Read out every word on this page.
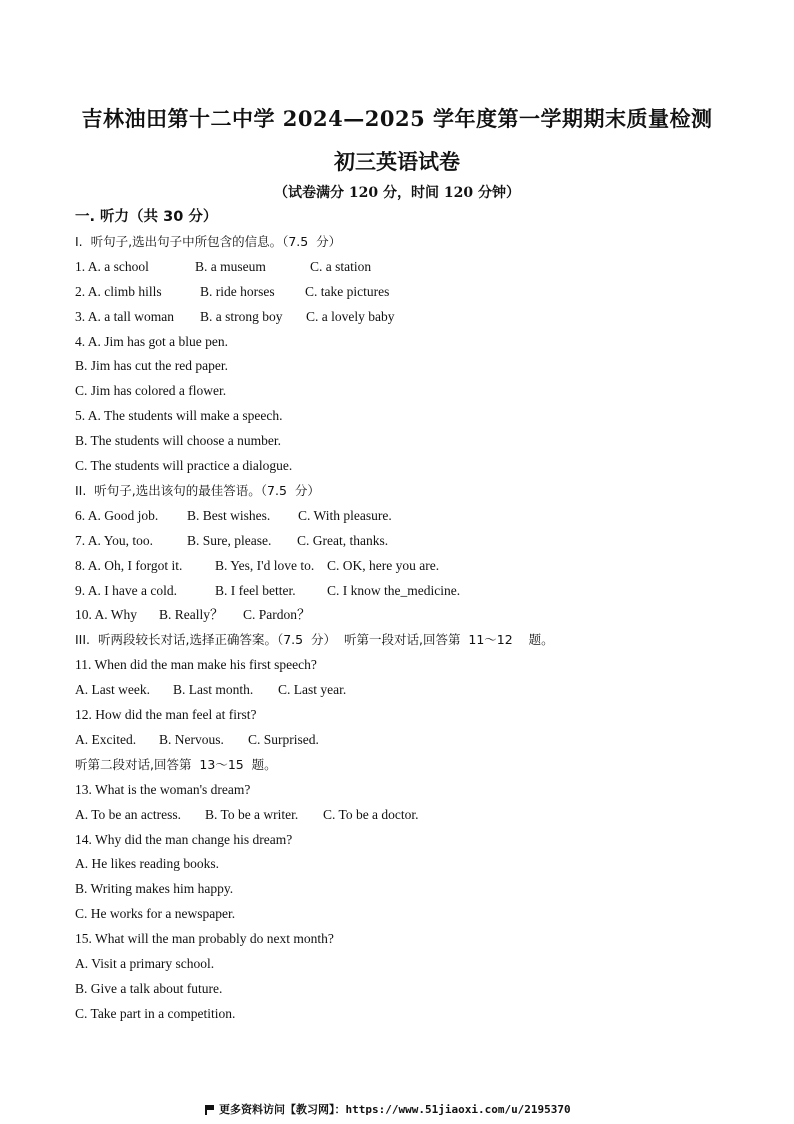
吉林油田第十二中学 2024—2025 学年度第一学期期末质量检测
初三英语试卷
（试卷满分 120 分，时间 120 分钟）
一. 听力（共 30 分）
I.  听句子,选出句子中所包含的信息。（7.5  分）
1. A. a school	B. a museum	C. a station
2. A. climb hills	B. ride horses C. take pictures
3. A. a tall woman B. a strong boy C. a lovely baby
4. A. Jim has got a blue pen.
B. Jim has cut the red paper.
C. Jim has colored a flower.
5. A. The students will make a speech.
B. The students will choose a number.
C. The students will practice a dialogue.
II.  听句子,选出该句的最佳答语。（7.5  分）
6. A. Good job. B. Best wishes. C. With pleasure.
7. A. You, too.	B. Sure, please. C. Great, thanks.
8. A. Oh, I forgot it. B. Yes, I'd love to. C. OK, here you are.
9. A. I have a cold.	B. I feel better. C. I know the_medicine.
10. A. Why B. Really？ C. Pardon？
III.  听两段较长对话,选择正确答案。（7.5  分）  听第一段对话,回答第  11～12    题。
11. When did the man make his first speech?
A. Last week. B. Last month. C. Last year.
12. How did the man feel at first?
A. Excited. B. Nervous. C. Surprised.
听第二段对话,回答第  13～15  题。
13. What is the woman's dream?
A. To be an actress. B. To be a writer. C. To be a doctor.
14. Why did the man change his dream?
A. He likes reading books.
B. Writing makes him happy.
C. He works for a newspaper.
15. What will the man probably do next month?
A. Visit a primary school.
B. Give a talk about future.
C. Take part in a competition.
更多资料访问【教习网】：https://www.51jiaoxi.com/u/2195370
